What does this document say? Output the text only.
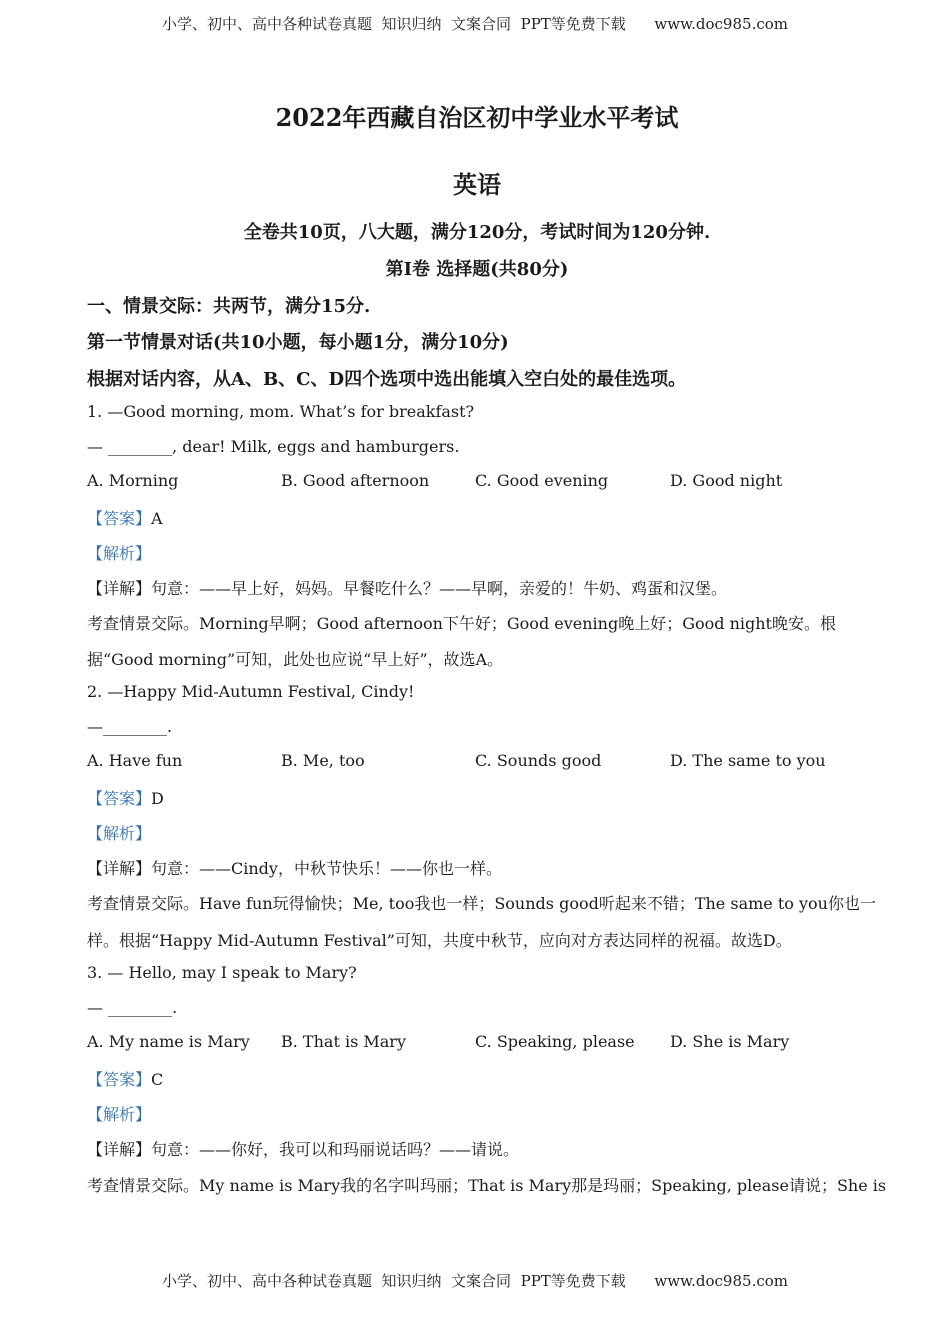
小学、初中、高中各种试卷真题  知识归纳  文案合同  PPT等免费下载      www.doc985.com
2022年西藏自治区初中学业水平考试
英语
全卷共10页，八大题，满分120分，考试时间为120分钟.
第Ⅰ卷 选择题(共80分)
一、情景交际：共两节，满分15分.
第一节情景对话(共10小题，每小题1分，满分10分)
根据对话内容，从A、B、C、D四个选项中选出能填入空白处的最佳选项。
1. —Good morning, mom. What’s for breakfast?
— ________, dear! Milk, eggs and hamburgers.
A. Morning	B. Good afternoon	C. Good evening	D. Good night
【答案】A
【解析】
【详解】句意：——早上好，妈妈。早餐吃什么？——早啊，亲爱的！牛奶、鸡蛋和汉堡。
考查情景交际。Morning早啊；Good afternoon下午好；Good evening晚上好；Good night晚安。根
据“Good morning”可知，此处也应说“早上好”，故选A。
2. —Happy Mid-Autumn Festival, Cindy!
—________.
A. Have fun	B. Me, too	C. Sounds good	D. The same to you
【答案】D
【解析】
【详解】句意：——Cindy，中秋节快乐！——你也一样。
考查情景交际。Have fun玩得愉快；Me, too我也一样；Sounds good听起来不错；The same to you你也一
样。根据“Happy Mid-Autumn Festival”可知，共度中秋节，应向对方表达同样的祝福。故选D。
3. — Hello, may I speak to Mary?
— ________.
A. My name is Mary B. That is Mary	C. Speaking, please D. She is Mary
【答案】C
【解析】
【详解】句意：——你好，我可以和玛丽说话吗？——请说。
考查情景交际。My name is Mary我的名字叫玛丽；That is Mary那是玛丽；Speaking, please请说；She is
小学、初中、高中各种试卷真题  知识归纳  文案合同  PPT等免费下载      www.doc985.com
